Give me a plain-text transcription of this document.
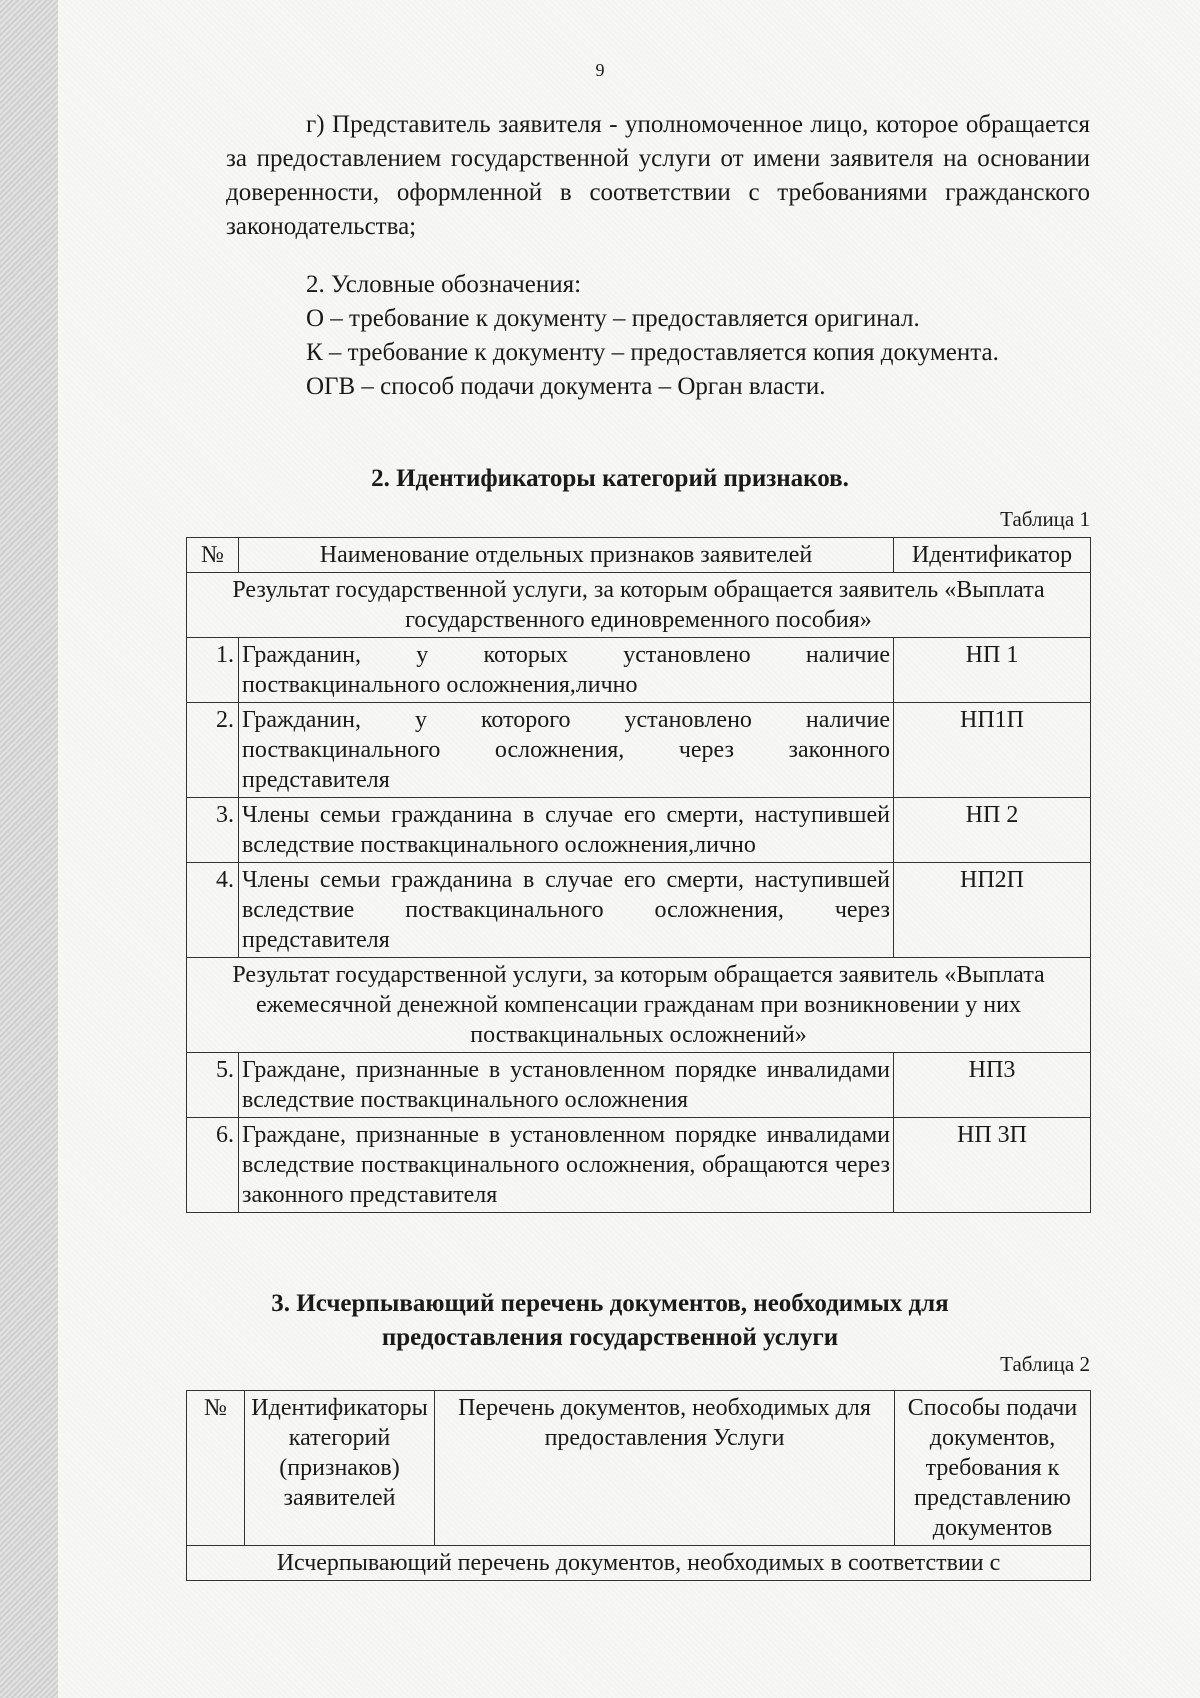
9

г) Представитель заявителя - уполномоченное лицо, которое обращается за предоставлением государственной услуги от имени заявителя на основании доверенности, оформленной в соответствии с требованиями гражданского законодательства;

2. Условные обозначения:
О – требование к документу – предоставляется оригинал.
К – требование к документу – предоставляется копия документа.
ОГВ – способ подачи документа – Орган власти.
2. Идентификаторы категорий признаков.
Таблица 1
№	Наименование отдельных признаков заявителей	Идентификатор
Результат государственной услуги, за которым обращается заявитель «Выплата государственного единовременного пособия»		
1.	Гражданин, у которых установлено наличие поствакцинального осложнения,лично	НП 1
2.	Гражданин, у которого установлено наличие поствакцинального осложнения, через законного представителя	НП1П
3.	Члены семьи гражданина в случае его смерти, наступившей вследствие поствакцинального осложнения,лично	НП 2
4.	Члены семьи гражданина в случае его смерти, наступившей вследствие поствакцинального осложнения, через представителя	НП2П
Результат государственной услуги, за которым обращается заявитель «Выплата ежемесячной денежной компенсации гражданам при возникновении у них поствакцинальных осложнений»		
5.	Граждане, признанные в установленном порядке инвалидами вследствие поствакцинального осложнения	НП3
6.	Граждане, признанные в установленном порядке инвалидами вследствие поствакцинального осложнения, обращаются через законного представителя	НП 3П
3. Исчерпывающий перечень документов, необходимых для
предоставления государственной услуги
Таблица 2
№	Идентификаторы категорий (признаков) заявителей	Перечень документов, необходимых для предоставления Услуги	Способы подачи документов, требования к представлению документов
Исчерпывающий перечень документов, необходимых в соответствии с
